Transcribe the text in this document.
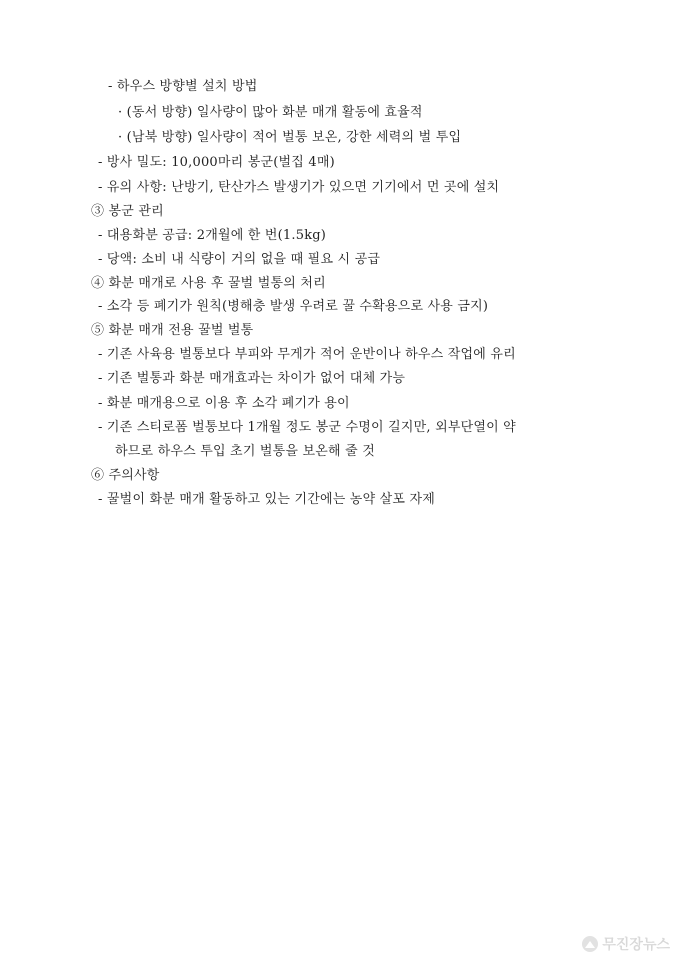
- 하우스 방향별 설치 방법
· (동서 방향) 일사량이 많아 화분 매개 활동에 효율적
· (남북 방향) 일사량이 적어 벌통 보온, 강한 세력의 벌 투입
- 방사 밀도: 10,000마리 봉군(벌집 4매)
- 유의 사항: 난방기, 탄산가스 발생기가 있으면 기기에서 먼 곳에 설치
③ 봉군 관리
- 대용화분 공급: 2개월에 한 번(1.5kg)
- 당액: 소비 내 식량이 거의 없을 때 필요 시 공급
④ 화분 매개로 사용 후 꿀벌 벌통의 처리
- 소각 등 폐기가 원칙(병해충 발생 우려로 꿀 수확용으로 사용 금지)
⑤ 화분 매개 전용 꿀벌 벌통
- 기존 사육용 벌통보다 부피와 무게가 적어 운반이나 하우스 작업에 유리
- 기존 벌통과 화분 매개효과는 차이가 없어 대체 가능
- 화분 매개용으로 이용 후 소각 폐기가 용이
- 기존 스티로폼 벌통보다 1개월 정도 봉군 수명이 길지만, 외부단열이 약
하므로 하우스 투입 초기 벌통을 보온해 줄 것
⑥ 주의사항
- 꿀벌이 화분 매개 활동하고 있는 기간에는 농약 살포 자제
무진장뉴스
